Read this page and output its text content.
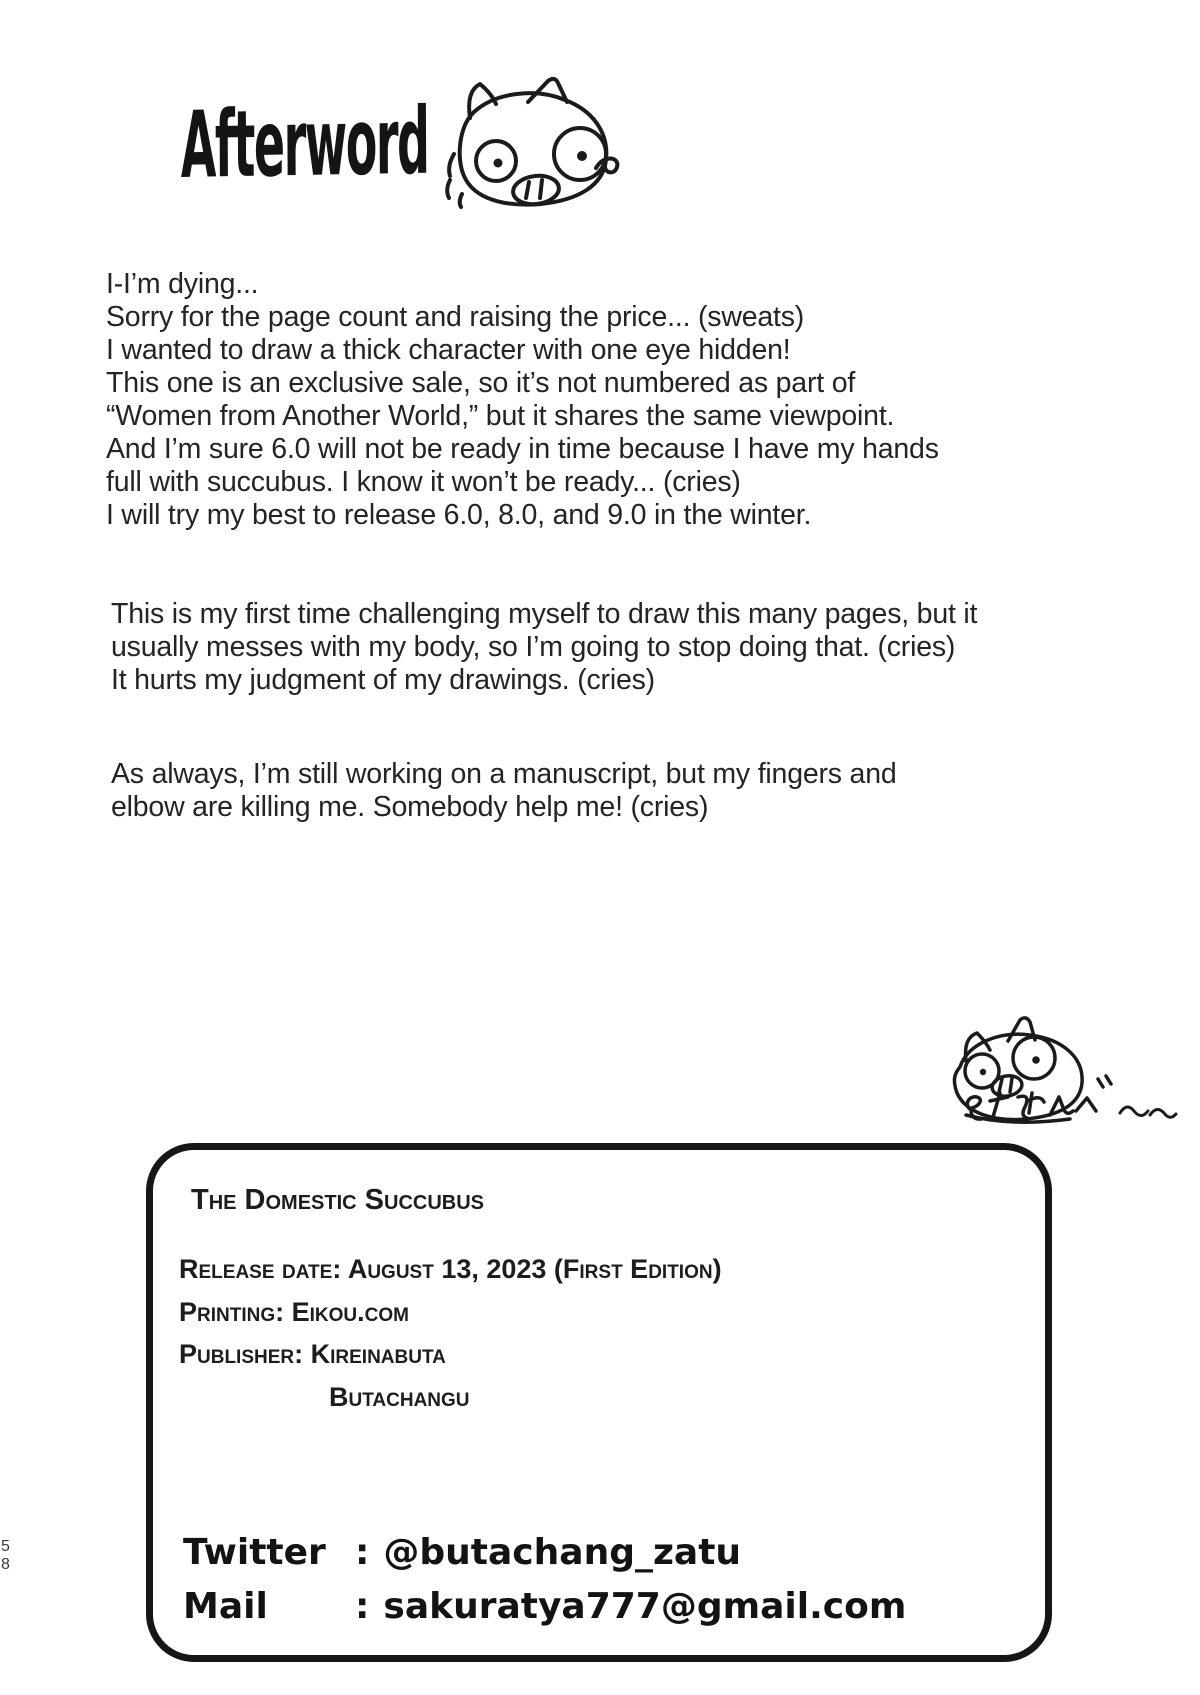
5
8
Afterword
I-I’m dying...
Sorry for the page count and raising the price... (sweats)
I wanted to draw a thick character with one eye hidden!
This one is an exclusive sale, so it’s not numbered as part of
“Women from Another World,” but it shares the same viewpoint.
And I’m sure 6.0 will not be ready in time because I have my hands
full with succubus. I know it won’t be ready... (cries)
I will try my best to release 6.0, 8.0, and 9.0 in the winter.
This is my first time challenging myself to draw this many pages, but it
usually messes with my body, so I’m going to stop doing that. (cries)
It hurts my judgment of my drawings. (cries)
As always, I’m still working on a manuscript, but my fingers and
elbow are killing me. Somebody help me! (cries)
The Domestic Succubus
Release date: August 13, 2023 (First Edition)
Printing: Eikou.com
Publisher: Kireinabuta
Butachangu
Twitter : @butachang_zatu
Mail : sakuratya777@gmail.com
